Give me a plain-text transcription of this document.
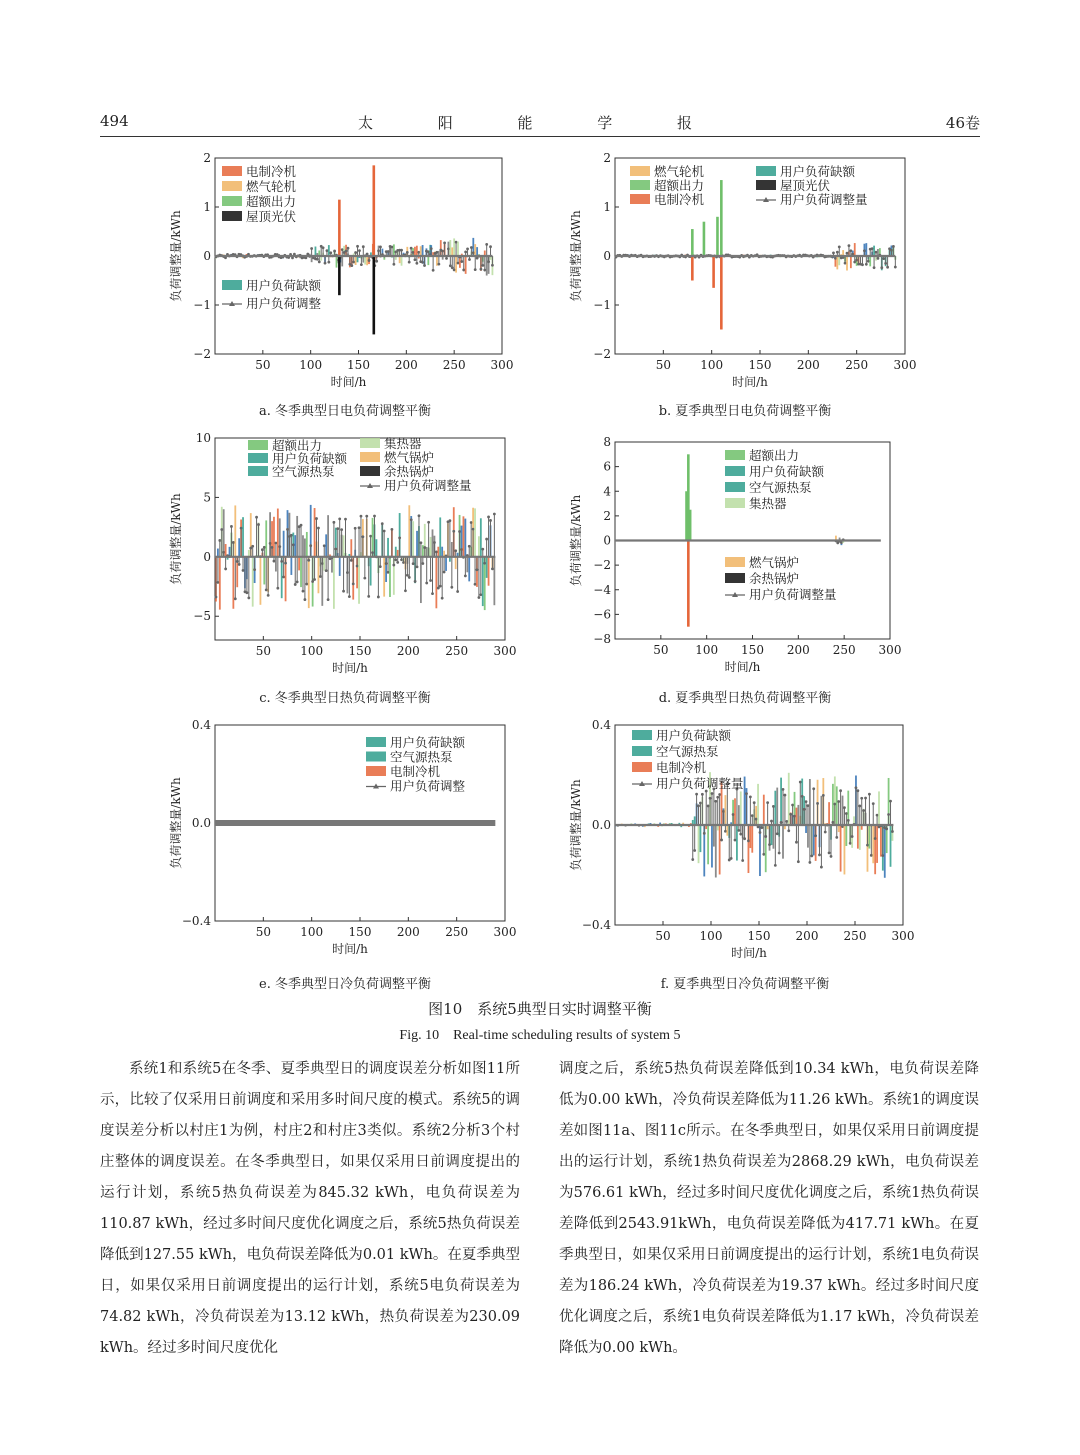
494	太 阳 能 学 报	46卷
−2
−1
0
1
2
50 100 150 200 250 300
时间/h
负荷调整量/kWh
电制冷机
燃气轮机
超额出力
屋顶光伏
用户负荷缺额
用户负荷调整
a. 冬季典型日电负荷调整平衡
−2
−1
0
1
2
50 100 150 200 250 300
时间/h
负荷调整量/kWh
燃气轮机
超额出力
电制冷机
用户负荷缺额
屋顶光伏
用户负荷调整量
b. 夏季典型日电负荷调整平衡
−5
0
5
10
50 100 150 200 250 300
时间/h
负荷调整量/kWh
超额出力
用户负荷缺额
空气源热泵
集热器
燃气锅炉
余热锅炉
用户负荷调整量
c. 冬季典型日热负荷调整平衡
−8
−6
−4
−2
0
2
4
6
8
50 100 150 200 250 300
时间/h
负荷调整量/kWh
超额出力
用户负荷缺额
空气源热泵
集热器
燃气锅炉
余热锅炉
用户负荷调整量
d. 夏季典型日热负荷调整平衡
−0.4
0.0
0.4
50 100 150 200 250 300
时间/h
负荷调整量/kWh
用户负荷缺额
空气源热泵
电制冷机
用户负荷调整
e. 冬季典型日冷负荷调整平衡
−0.4
0.0
0.4
50 100 150 200 250 300
时间/h
负荷调整量/kWh
用户负荷缺额
空气源热泵
电制冷机
用户负荷调整量
f. 夏季典型日冷负荷调整平衡
图10　系统5典型日实时调整平衡
Fig. 10　Real-time scheduling results of system 5

系统1和系统5在冬季、夏季典型日的调度误差分析如图11所示，比较了仅采用日前调度和采用多时间尺度的模式。系统5的调度误差分析以村庄1为例，村庄2和村庄3类似。系统2分析3个村庄整体的调度误差。在冬季典型日，如果仅采用日前调度提出的运行计划，系统5热负荷误差为845.32 kWh，电负荷误差为110.87 kWh，经过多时间尺度优化调度之后，系统5热负荷误差降低到127.55 kWh，电负荷误差降低为0.01 kWh。在夏季典型日，如果仅采用日前调度提出的运行计划，系统5电负荷误差为74.82 kWh，冷负荷误差为13.12 kWh，热负荷误差为230.09 kWh。经过多时间尺度优化

调度之后，系统5热负荷误差降低到10.34 kWh，电负荷误差降低为0.00 kWh，冷负荷误差降低为11.26 kWh。系统1的调度误差如图11a、图11c所示。在冬季典型日，如果仅采用日前调度提出的运行计划，系统1热负荷误差为2868.29 kWh，电负荷误差为576.61 kWh，经过多时间尺度优化调度之后，系统1热负荷误差降低到2543.91kWh，电负荷误差降低为417.71 kWh。在夏季典型日，如果仅采用日前调度提出的运行计划，系统1电负荷误差为186.24 kWh，冷负荷误差为19.37 kWh。经过多时间尺度优化调度之后，系统1电负荷误差降低为1.17 kWh，冷负荷误差降低为0.00 kWh。
